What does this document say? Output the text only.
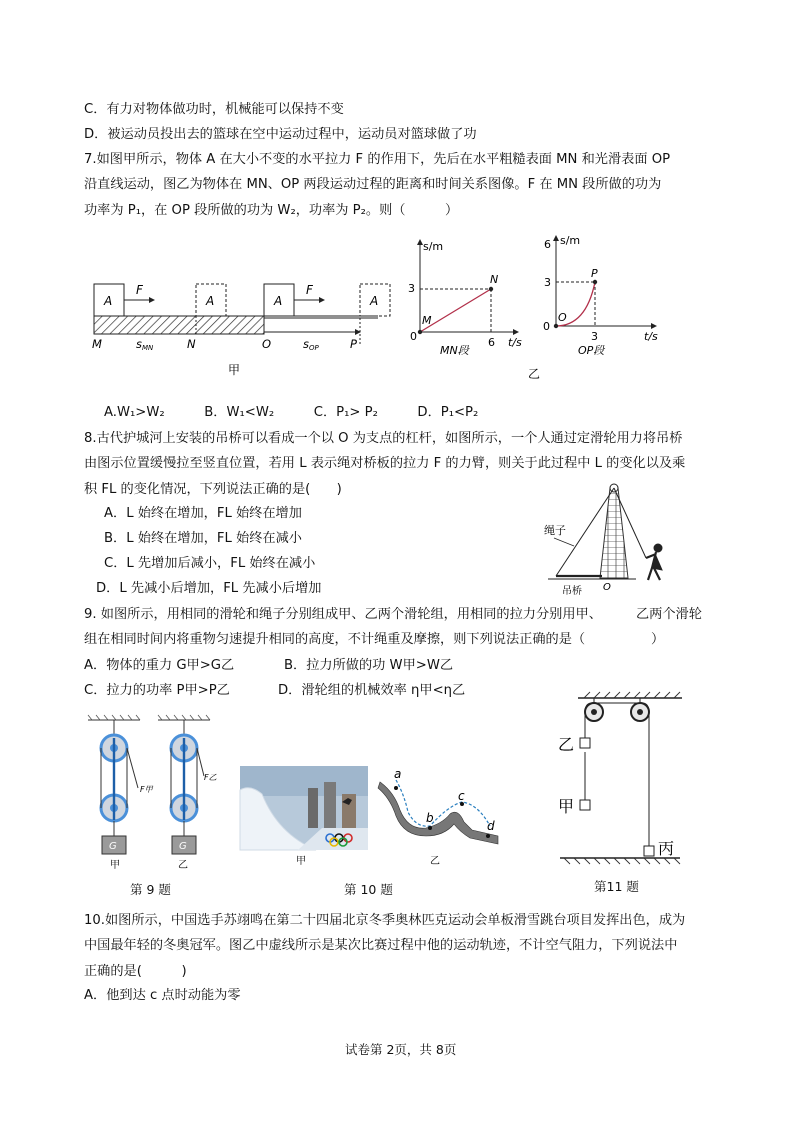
C．有力对物体做功时，机械能可以保持不变
D．被运动员投出去的篮球在空中运动过程中，运动员对篮球做了功
7.如图甲所示，物体 A 在大小不变的水平拉力 F 的作用下，先后在水平粗糙表面 MN 和光滑表面 OP
沿直线运动，图乙为物体在 MN、OP 两段运动过程的距离和时间关系图像。F 在 MN 段所做的功为
功率为 P₁，在 OP 段所做的功为 W₂，功率为 P₂。则（　　　）
A
F
A
M	N
sMN
A
F
A
O	P
sOP
甲
s/m
t/s
3
6
0
M
N
MN段
s/m
t/s
6
3
3
0
O
P
OP段
乙
A.W₁>W₂　　　B．W₁<W₂　　　C．P₁> P₂　　　D．P₁<P₂
8.古代护城河上安装的吊桥可以看成一个以 O 为支点的杠杆，如图所示，一个人通过定滑轮用力将吊桥
由图示位置缓慢拉至竖直位置，若用 L 表示绳对桥板的拉力 F 的力臂，则关于此过程中 L 的变化以及乘
积 FL 的变化情况，下列说法正确的是(　　)
A．L 始终在增加，FL 始终在增加
B．L 始终在增加，FL 始终在减小
C．L 先增加后减小，FL 始终在减小
D．L 先减小后增加，FL 先减小后增加
绳子
吊桥 O
9. 如图所示，用相同的滑轮和绳子分别组成甲、乙两个滑轮组，用相同的拉力分别用甲、	乙两个滑轮
组在相同时间内将重物匀速提升相同的高度，不计绳重及摩擦，则下列说法正确的是（　　　　　）
A．物体的重力 G甲>G乙	B．拉力所做的功 W甲>W乙
C．拉力的功率 P甲>P乙	D．滑轮组的机械效率 η甲<η乙
G
F甲
甲
G
F乙
乙
第 9 题
甲
a
b
c
d
乙
第 10 题
乙
甲
丙
第11 题
10.如图所示，中国选手苏翊鸣在第二十四届北京冬季奥林匹克运动会单板滑雪跳台项目发挥出色，成为
中国最年轻的冬奥冠军。图乙中虚线所示是某次比赛过程中他的运动轨迹，不计空气阻力，下列说法中
正确的是(　　　)
A．他到达 c 点时动能为零
试卷第 2页，共 8页
